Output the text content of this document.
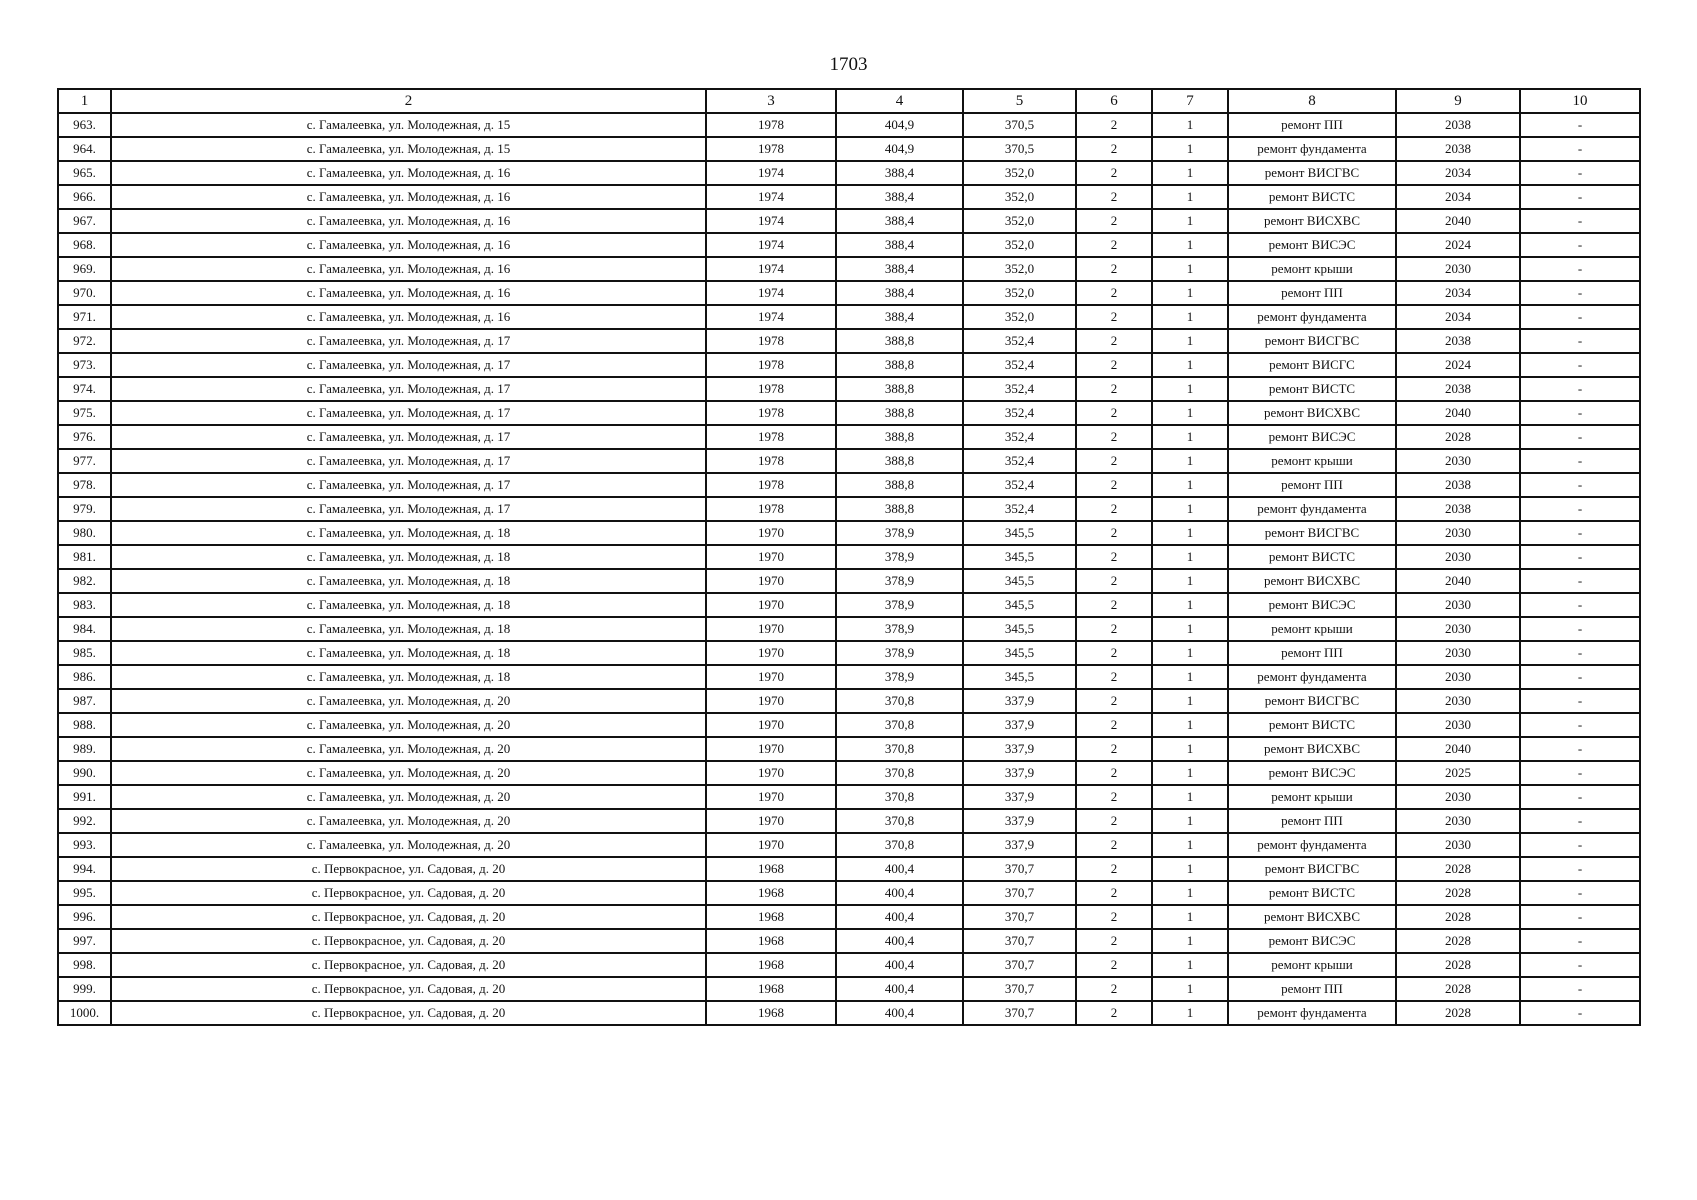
1703
1	2	3	4	5	6	7	8	9	10
963.	с. Гамалеевка, ул. Молодежная, д. 15	1978	404,9	370,5	2	1	ремонт ПП	2038	-
964.	с. Гамалеевка, ул. Молодежная, д. 15	1978	404,9	370,5	2	1	ремонт фундамента	2038	-
965.	с. Гамалеевка, ул. Молодежная, д. 16	1974	388,4	352,0	2	1	ремонт ВИСГВС	2034	-
966.	с. Гамалеевка, ул. Молодежная, д. 16	1974	388,4	352,0	2	1	ремонт ВИСТС	2034	-
967.	с. Гамалеевка, ул. Молодежная, д. 16	1974	388,4	352,0	2	1	ремонт ВИСХВС	2040	-
968.	с. Гамалеевка, ул. Молодежная, д. 16	1974	388,4	352,0	2	1	ремонт ВИСЭС	2024	-
969.	с. Гамалеевка, ул. Молодежная, д. 16	1974	388,4	352,0	2	1	ремонт крыши	2030	-
970.	с. Гамалеевка, ул. Молодежная, д. 16	1974	388,4	352,0	2	1	ремонт ПП	2034	-
971.	с. Гамалеевка, ул. Молодежная, д. 16	1974	388,4	352,0	2	1	ремонт фундамента	2034	-
972.	с. Гамалеевка, ул. Молодежная, д. 17	1978	388,8	352,4	2	1	ремонт ВИСГВС	2038	-
973.	с. Гамалеевка, ул. Молодежная, д. 17	1978	388,8	352,4	2	1	ремонт ВИСГС	2024	-
974.	с. Гамалеевка, ул. Молодежная, д. 17	1978	388,8	352,4	2	1	ремонт ВИСТС	2038	-
975.	с. Гамалеевка, ул. Молодежная, д. 17	1978	388,8	352,4	2	1	ремонт ВИСХВС	2040	-
976.	с. Гамалеевка, ул. Молодежная, д. 17	1978	388,8	352,4	2	1	ремонт ВИСЭС	2028	-
977.	с. Гамалеевка, ул. Молодежная, д. 17	1978	388,8	352,4	2	1	ремонт крыши	2030	-
978.	с. Гамалеевка, ул. Молодежная, д. 17	1978	388,8	352,4	2	1	ремонт ПП	2038	-
979.	с. Гамалеевка, ул. Молодежная, д. 17	1978	388,8	352,4	2	1	ремонт фундамента	2038	-
980.	с. Гамалеевка, ул. Молодежная, д. 18	1970	378,9	345,5	2	1	ремонт ВИСГВС	2030	-
981.	с. Гамалеевка, ул. Молодежная, д. 18	1970	378,9	345,5	2	1	ремонт ВИСТС	2030	-
982.	с. Гамалеевка, ул. Молодежная, д. 18	1970	378,9	345,5	2	1	ремонт ВИСХВС	2040	-
983.	с. Гамалеевка, ул. Молодежная, д. 18	1970	378,9	345,5	2	1	ремонт ВИСЭС	2030	-
984.	с. Гамалеевка, ул. Молодежная, д. 18	1970	378,9	345,5	2	1	ремонт крыши	2030	-
985.	с. Гамалеевка, ул. Молодежная, д. 18	1970	378,9	345,5	2	1	ремонт ПП	2030	-
986.	с. Гамалеевка, ул. Молодежная, д. 18	1970	378,9	345,5	2	1	ремонт фундамента	2030	-
987.	с. Гамалеевка, ул. Молодежная, д. 20	1970	370,8	337,9	2	1	ремонт ВИСГВС	2030	-
988.	с. Гамалеевка, ул. Молодежная, д. 20	1970	370,8	337,9	2	1	ремонт ВИСТС	2030	-
989.	с. Гамалеевка, ул. Молодежная, д. 20	1970	370,8	337,9	2	1	ремонт ВИСХВС	2040	-
990.	с. Гамалеевка, ул. Молодежная, д. 20	1970	370,8	337,9	2	1	ремонт ВИСЭС	2025	-
991.	с. Гамалеевка, ул. Молодежная, д. 20	1970	370,8	337,9	2	1	ремонт крыши	2030	-
992.	с. Гамалеевка, ул. Молодежная, д. 20	1970	370,8	337,9	2	1	ремонт ПП	2030	-
993.	с. Гамалеевка, ул. Молодежная, д. 20	1970	370,8	337,9	2	1	ремонт фундамента	2030	-
994.	с. Первокрасное, ул. Садовая, д. 20	1968	400,4	370,7	2	1	ремонт ВИСГВС	2028	-
995.	с. Первокрасное, ул. Садовая, д. 20	1968	400,4	370,7	2	1	ремонт ВИСТС	2028	-
996.	с. Первокрасное, ул. Садовая, д. 20	1968	400,4	370,7	2	1	ремонт ВИСХВС	2028	-
997.	с. Первокрасное, ул. Садовая, д. 20	1968	400,4	370,7	2	1	ремонт ВИСЭС	2028	-
998.	с. Первокрасное, ул. Садовая, д. 20	1968	400,4	370,7	2	1	ремонт крыши	2028	-
999.	с. Первокрасное, ул. Садовая, д. 20	1968	400,4	370,7	2	1	ремонт ПП	2028	-
1000.	с. Первокрасное, ул. Садовая, д. 20	1968	400,4	370,7	2	1	ремонт фундамента	2028	-
